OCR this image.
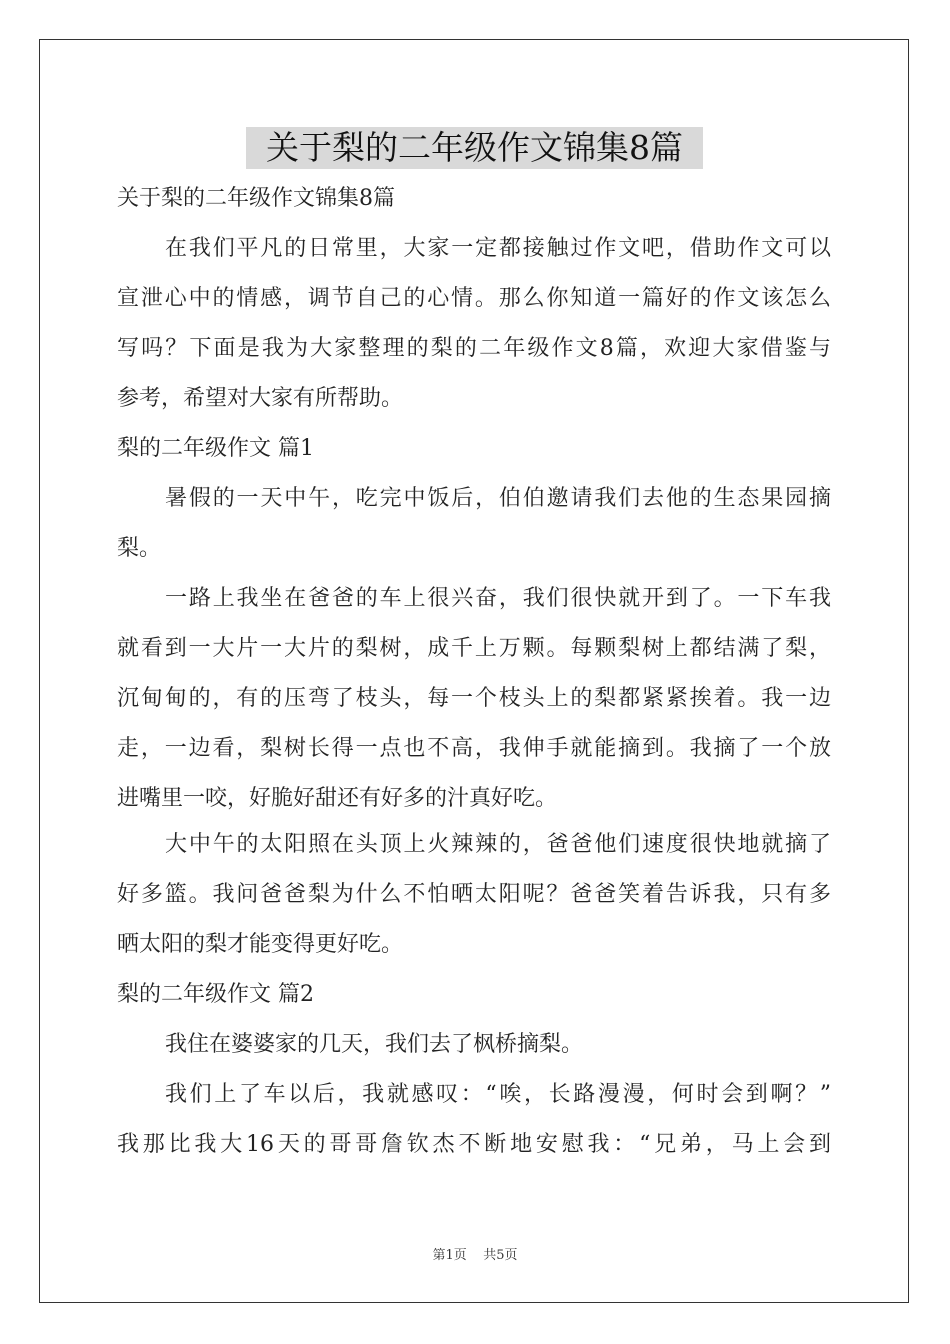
关于梨的二年级作文锦集8篇
关于梨的二年级作文锦集8篇
在我们平凡的日常里，大家一定都接触过作文吧，借助作文可以
宣泄心中的情感，调节自己的心情。那么你知道一篇好的作文该怎么
写吗？下面是我为大家整理的梨的二年级作文8篇，欢迎大家借鉴与
参考，希望对大家有所帮助。
梨的二年级作文 篇1
暑假的一天中午，吃完中饭后，伯伯邀请我们去他的生态果园摘
梨。
一路上我坐在爸爸的车上很兴奋，我们很快就开到了。一下车我
就看到一大片一大片的梨树，成千上万颗。每颗梨树上都结满了梨，
沉甸甸的，有的压弯了枝头，每一个枝头上的梨都紧紧挨着。我一边
走，一边看，梨树长得一点也不高，我伸手就能摘到。我摘了一个放
进嘴里一咬，好脆好甜还有好多的汁真好吃。
大中午的太阳照在头顶上火辣辣的，爸爸他们速度很快地就摘了
好多篮。我问爸爸梨为什么不怕晒太阳呢？爸爸笑着告诉我，只有多
晒太阳的梨才能变得更好吃。
梨的二年级作文 篇2
我住在婆婆家的几天，我们去了枫桥摘梨。
我们上了车以后，我就感叹：“唉，长路漫漫，何时会到啊？”
我那比我大16天的哥哥詹钦杰不断地安慰我：“兄弟，马上会到
第1页 共5页
